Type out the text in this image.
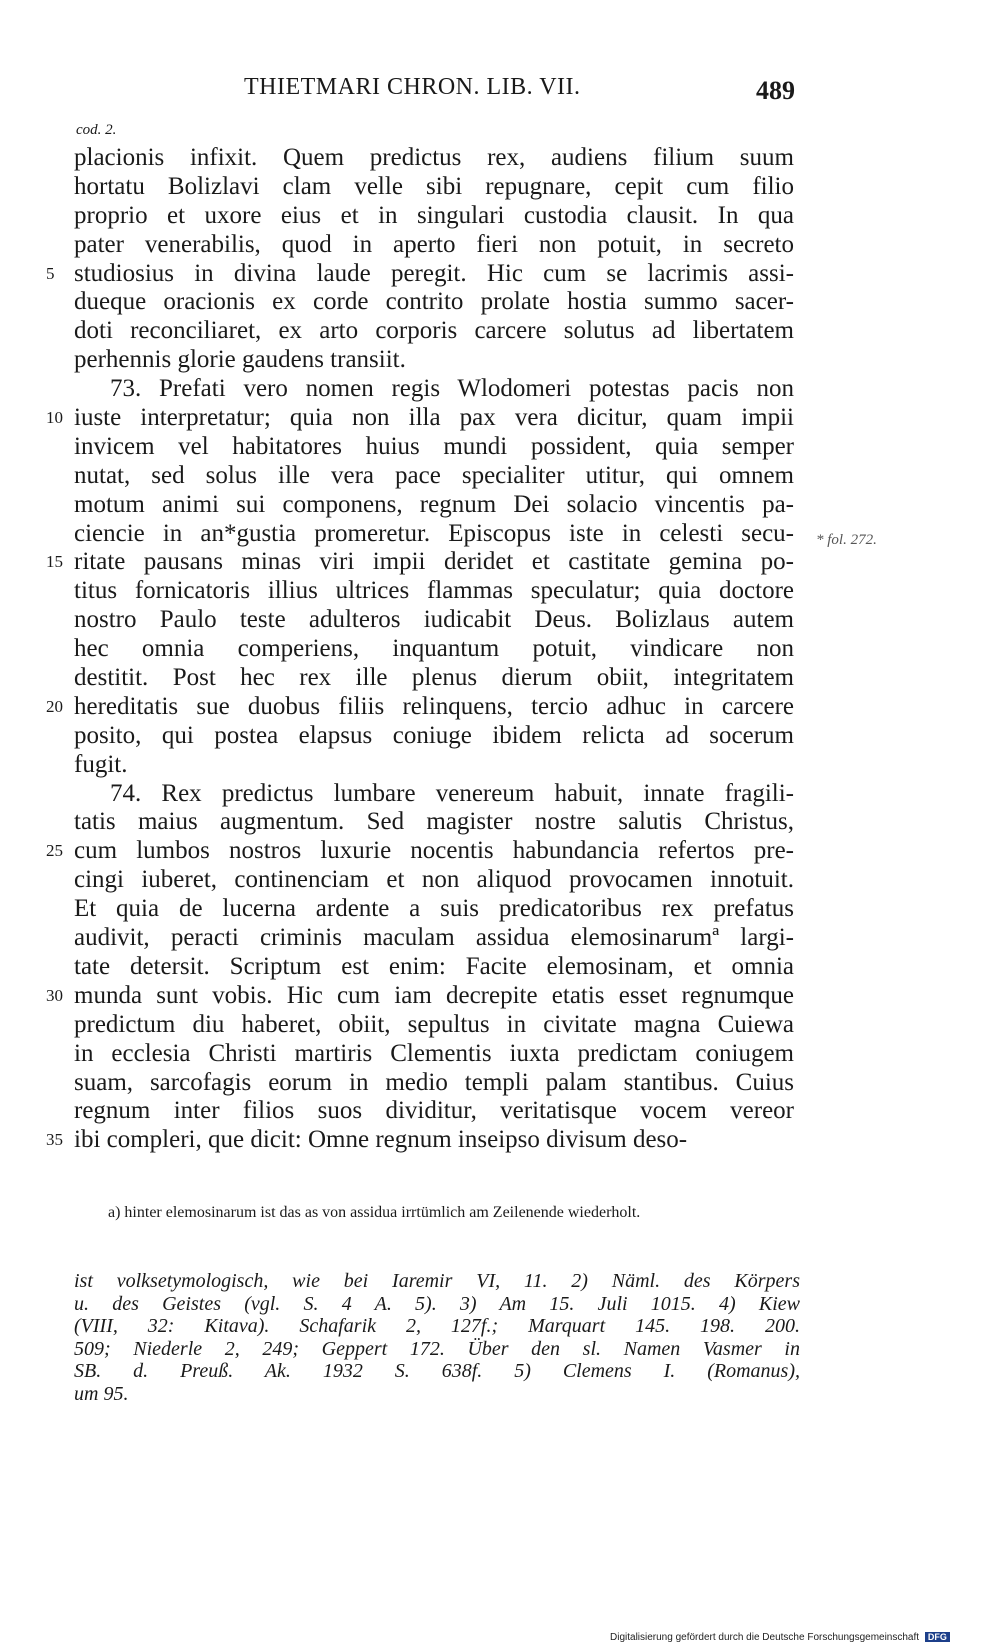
THIETMARI CHRON. LIB. VII.	489
cod. 2.
placionis infixit. Quem predictus rex, audiens filium suum
hortatu Bolizlavi clam velle sibi repugnare, cepit cum filio
proprio et uxore eius et in singulari custodia clausit. In qua
pater venerabilis, quod in aperto fieri non potuit, in secreto
5 studiosius in divina laude peregit. Hic cum se lacrimis assi-
dueque oracionis ex corde contrito prolate hostia summo sacer-
doti reconciliaret, ex arto corporis carcere solutus ad libertatem
perhennis glorie gaudens transiit.
73. Prefati vero nomen regis Wlodomeri potestas pacis non
10 iuste interpretatur; quia non illa pax vera dicitur, quam impii
invicem vel habitatores huius mundi possident, quia semper
nutat, sed solus ille vera pace specialiter utitur, qui omnem
motum animi sui componens, regnum Dei solacio vincentis pa-
ciencie in an*gustia promeretur. Episcopus iste in celesti secu-
15 ritate pausans minas viri impii deridet et castitate gemina po-
titus fornicatoris illius ultrices flammas speculatur; quia doctore
nostro Paulo teste adulteros iudicabit Deus. Bolizlaus autem
hec omnia comperiens, inquantum potuit, vindicare non
destitit. Post hec rex ille plenus dierum obiit, integritatem
20 hereditatis sue duobus filiis relinquens, tercio adhuc in carcere
posito, qui postea elapsus coniuge ibidem relicta ad socerum
fugit.
74. Rex predictus lumbare venereum habuit, innate fragili-
tatis maius augmentum. Sed magister nostre salutis Christus,
25 cum lumbos nostros luxurie nocentis habundancia refertos pre-
cingi iuberet, continenciam et non aliquod provocamen innotuit.
Et quia de lucerna ardente a suis predicatoribus rex prefatus
audivit, peracti criminis maculam assidua elemosinarumª largi-
tate detersit. Scriptum est enim: Facite elemosinam, et omnia
30 munda sunt vobis. Hic cum iam decrepite etatis esset regnumque
predictum diu haberet, obiit, sepultus in civitate magna Cuiewa
in ecclesia Christi martiris Clementis iuxta predictam coniugem
suam, sarcofagis eorum in medio templi palam stantibus. Cuius
regnum inter filios suos dividitur, veritatisque vocem vereor
35 ibi compleri, que dicit: Omne regnum inseipso divisum deso-
* fol. 272.
a) hinter elemosinarum ist das as von assidua irrtümlich am Zeilenende wiederholt.
ist volksetymologisch, wie bei Iaremir VI, 11. 2) Näml. des Körpers
u. des Geistes (vgl. S. 4 A. 5). 3) Am 15. Juli 1015. 4) Kiew
(VIII, 32: Kitava). Schafarik 2, 127f.; Marquart 145. 198. 200.
509; Niederle 2, 249; Geppert 172. Über den sl. Namen Vasmer in
SB. d. Preuß. Ak. 1932 S. 638f. 5) Clemens I. (Romanus),
um 95.
Digitalisierung gefördert durch die Deutsche Forschungsgemeinschaft DFG
